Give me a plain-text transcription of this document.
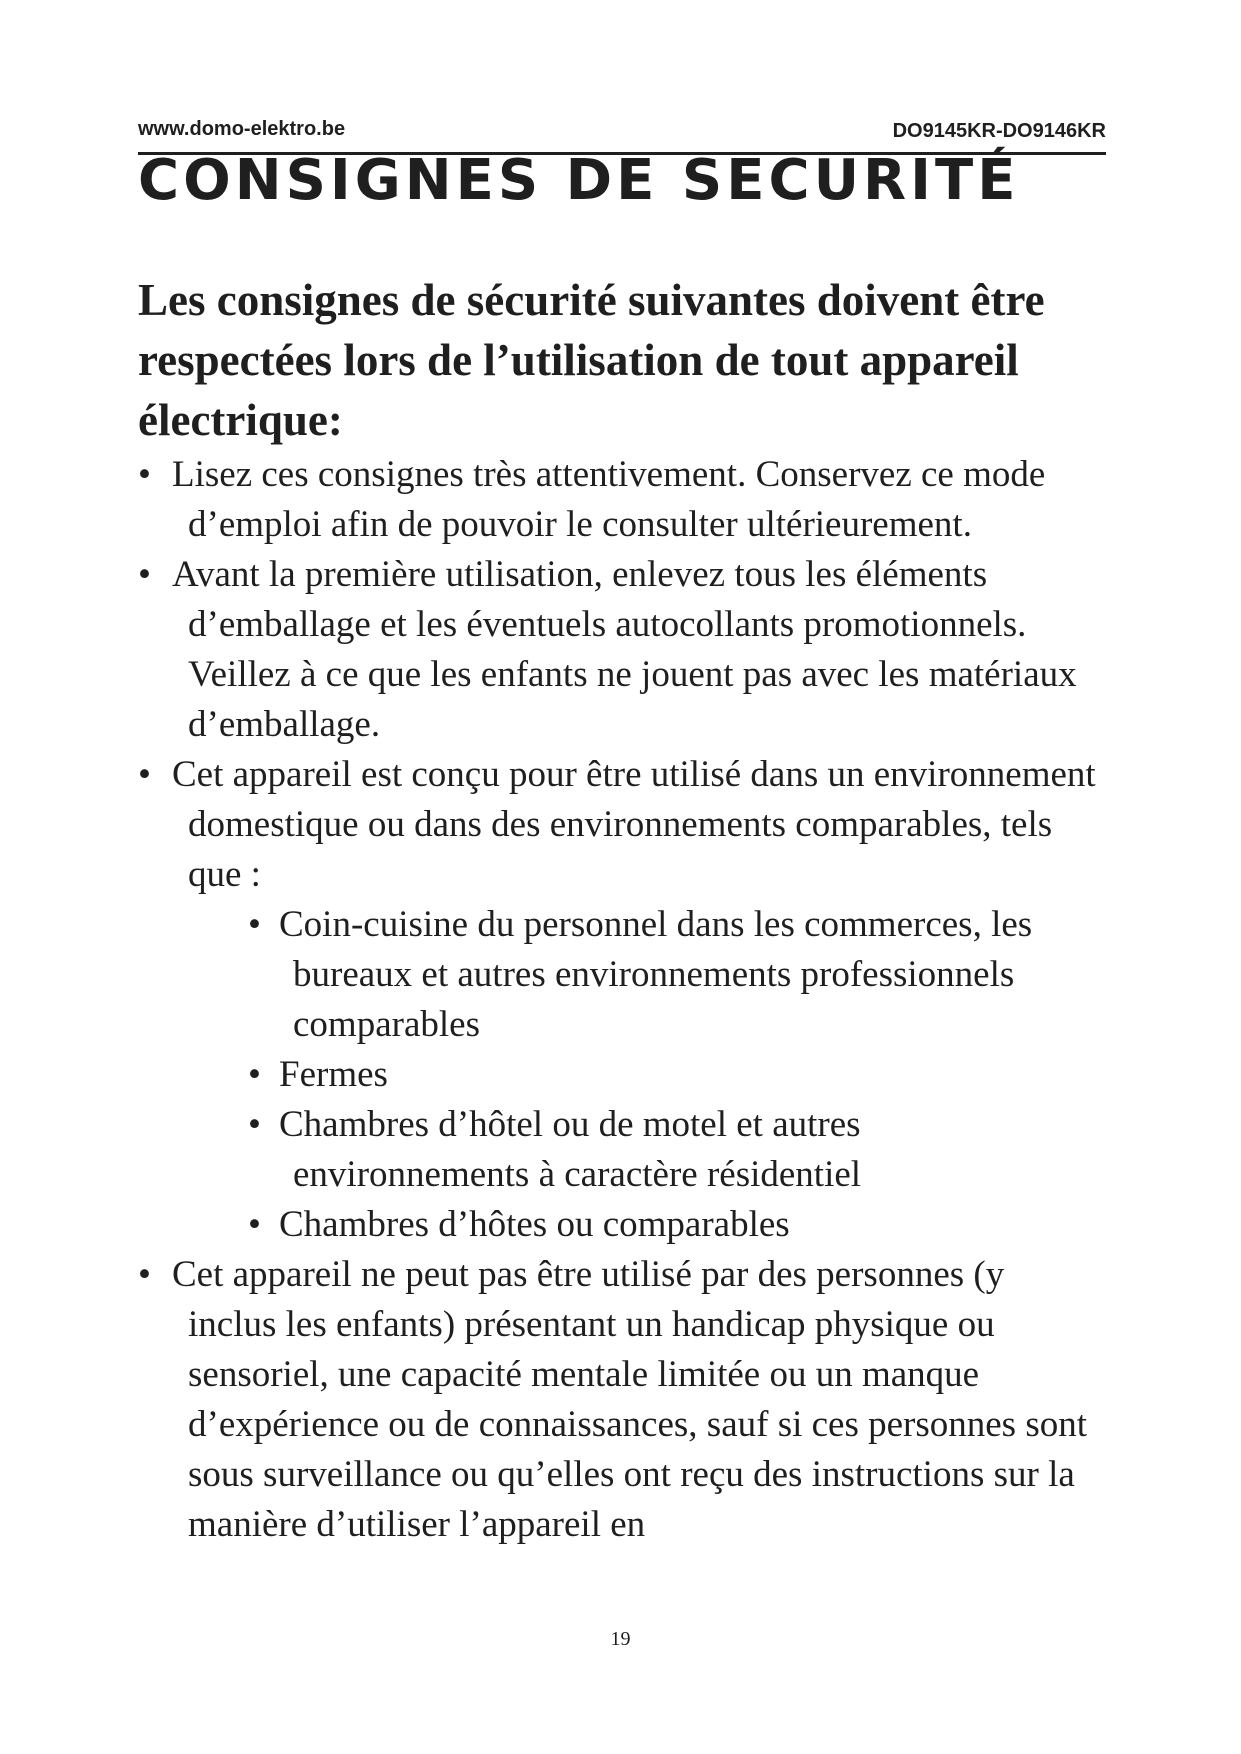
www.domo-elektro.be	DO9145KR-DO9146KR
CONSIGNES DE SECURITÉ

Les consignes de sécurité suivantes doivent être respectées lors de l’utilisation de tout appareil électrique:

• Lisez ces consignes très attentivement. Conservez ce mode d’emploi afin de pouvoir le consulter ultérieurement.
• Avant la première utilisation, enlevez tous les éléments d’emballage et les éventuels autocollants promotionnels. Veillez à ce que les enfants ne jouent pas avec les matériaux d’emballage.
• Cet appareil est conçu pour être utilisé dans un environnement domestique ou dans des environnements comparables, tels que :
• Coin-cuisine du personnel dans les commerces, les bureaux et autres environnements professionnels comparables
• Fermes
• Chambres d’hôtel ou de motel et autres environnements à caractère résidentiel
• Chambres d’hôtes ou comparables
• Cet appareil ne peut pas être utilisé par des personnes (y inclus les enfants) présentant un handicap physique ou sensoriel, une capacité mentale limitée ou un manque d’expérience ou de connaissances, sauf si ces personnes sont sous surveillance ou qu’elles ont reçu des instructions sur la manière d’utiliser l’appareil en
19
